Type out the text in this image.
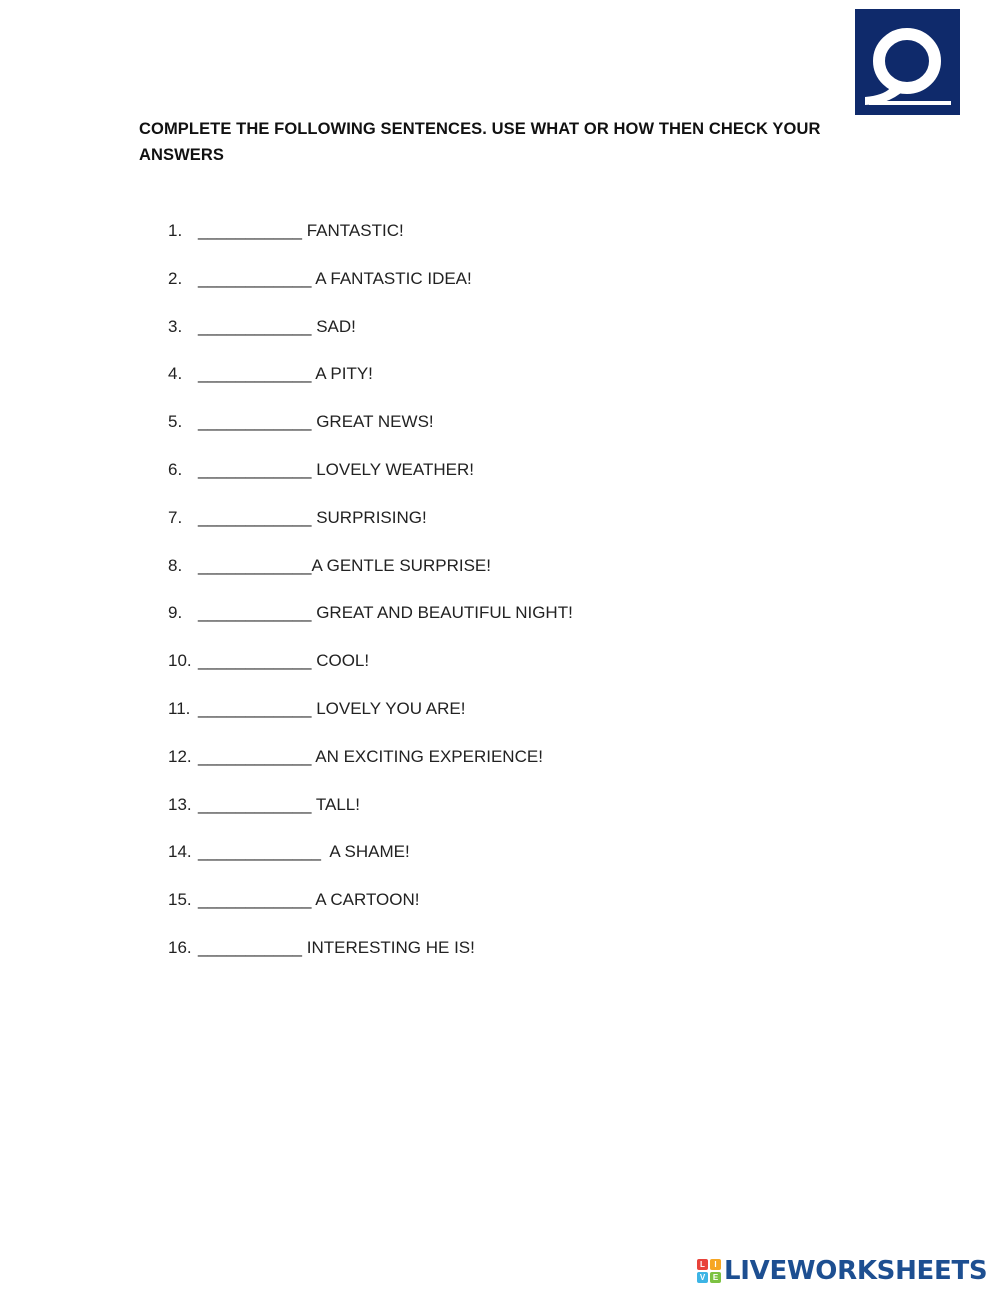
COMPLETE THE FOLLOWING SENTENCES. USE WHAT OR HOW THEN CHECK YOUR
ANSWERS
1. ___________ FANTASTIC!
2. ____________ A FANTASTIC IDEA!
3. ____________ SAD!
4. ____________ A PITY!
5. ____________ GREAT NEWS!
6. ____________ LOVELY WEATHER!
7. ____________ SURPRISING!
8. ____________ A GENTLE SURPRISE!
9. ____________ GREAT AND BEAUTIFUL NIGHT!
10. ____________ COOL!
11. ____________ LOVELY YOU ARE!
12. ____________ AN EXCITING EXPERIENCE!
13. ____________ TALL!
14. _____________ A SHAME!
15. ____________ A CARTOON!
16. ___________ INTERESTING HE IS!
L	I
V E LIVEWORKSHEETS
